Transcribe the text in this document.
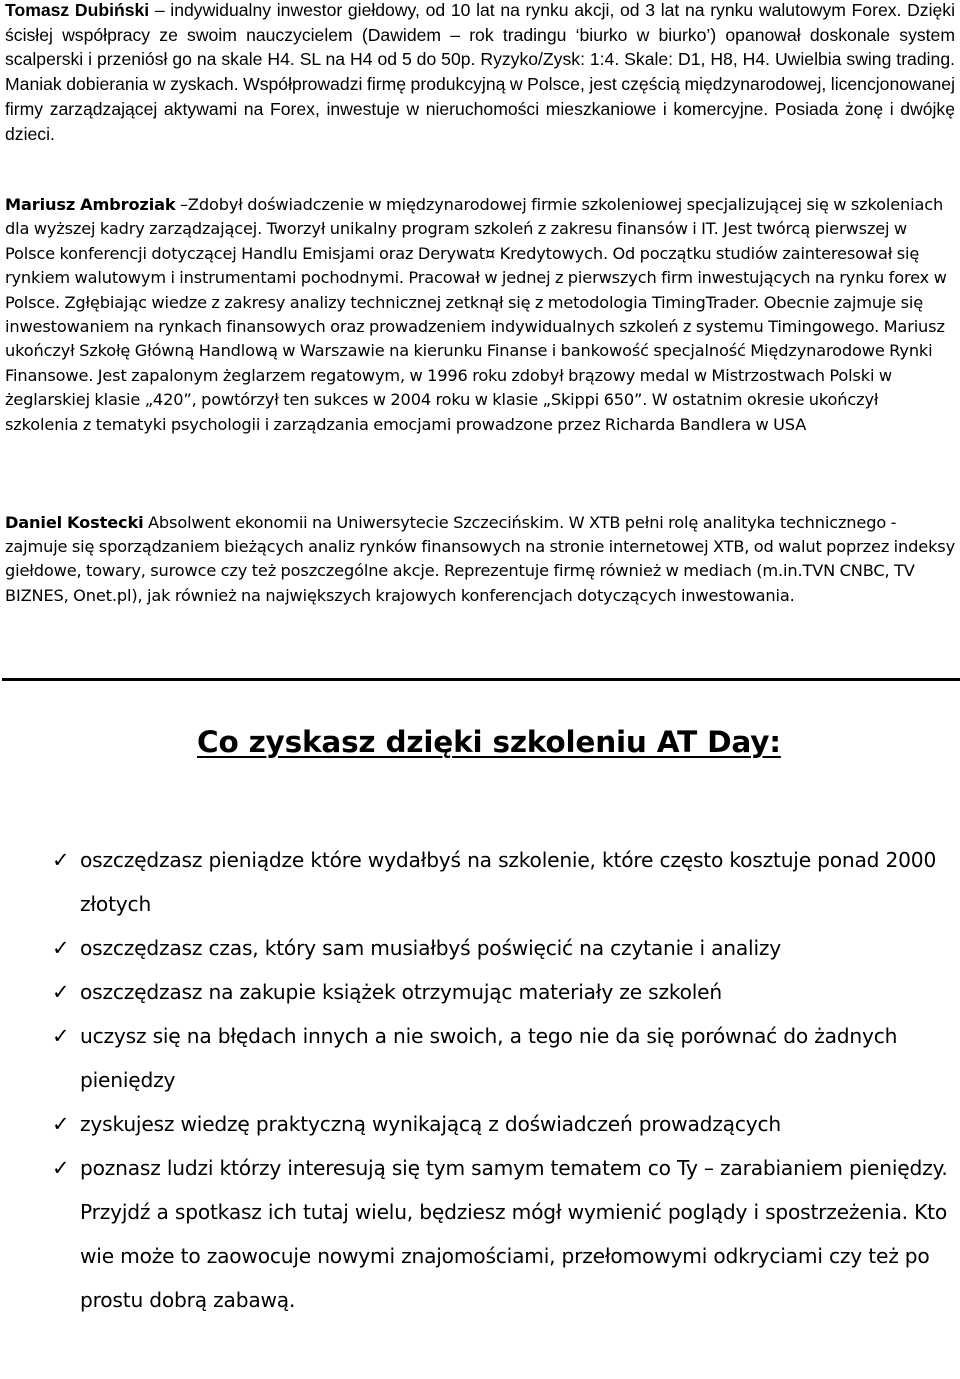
Tomasz Dubiński – indywidualny inwestor giełdowy, od 10 lat na rynku akcji, od 3 lat na rynku walutowym Forex. Dzięki ścisłej współpracy ze swoim nauczycielem (Dawidem – rok tradingu ‘biurko w biurko’) opanował doskonale system scalperski i przeniósł go na skale H4. SL na H4 od 5 do 50p. Ryzyko/Zysk: 1:4. Skale: D1, H8, H4. Uwielbia swing trading. Maniak dobierania w zyskach. Współprowadzi firmę produkcyjną w Polsce, jest częścią międzynarodowej, licencjonowanej firmy zarządzającej aktywami na Forex, inwestuje w nieruchomości mieszkaniowe i komercyjne. Posiada żonę i dwójkę dzieci.

Mariusz Ambroziak –Zdobył doświadczenie w międzynarodowej firmie szkoleniowej specjalizującej się w szkoleniach dla wyższej kadry zarządzającej. Tworzył unikalny program szkoleń z zakresu finansów i IT. Jest twórcą pierwszej w Polsce konferencji dotyczącej Handlu Emisjami oraz Derywat¤ Kredytowych. Od początku studiów zainteresował się rynkiem walutowym i instrumentami pochodnymi. Pracował w jednej z pierwszych firm inwestujących na rynku forex w Polsce. Zgłębiając wiedze z zakresy analizy technicznej zetknął się z metodologia TimingTrader. Obecnie zajmuje się inwestowaniem na rynkach finansowych oraz prowadzeniem indywidualnych szkoleń z systemu Timingowego. Mariusz ukończył Szkołę Główną Handlową w Warszawie na kierunku Finanse i bankowość specjalność Międzynarodowe Rynki Finansowe. Jest zapalonym żeglarzem regatowym, w 1996 roku zdobył brązowy medal w Mistrzostwach Polski w żeglarskiej klasie „420”, powtórzył ten sukces w 2004 roku w klasie „Skippi 650”. W ostatnim okresie ukończył szkolenia z tematyki psychologii i zarządzania emocjami prowadzone przez Richarda Bandlera w USA

Daniel Kostecki Absolwent ekonomii na Uniwersytecie Szczecińskim. W XTB pełni rolę analityka technicznego - zajmuje się sporządzaniem bieżących analiz rynków finansowych na stronie internetowej XTB, od walut poprzez indeksy giełdowe, towary, surowce czy też poszczególne akcje. Reprezentuje firmę również w mediach (m.in.TVN CNBC, TV BIZNES, Onet.pl), jak również na największych krajowych konferencjach dotyczących inwestowania.

Co zyskasz dzięki szkoleniu AT Day:
✓ oszczędzasz pieniądze które wydałbyś na szkolenie, które często kosztuje ponad 2000 złotych
✓ oszczędzasz czas, który sam musiałbyś poświęcić na czytanie i analizy
✓ oszczędzasz na zakupie książek otrzymując materiały ze szkoleń
✓ uczysz się na błędach innych a nie swoich, a tego nie da się porównać do żadnych pieniędzy
✓ zyskujesz wiedzę praktyczną wynikającą z doświadczeń prowadzących
✓ poznasz ludzi którzy interesują się tym samym tematem co Ty – zarabianiem pieniędzy. Przyjdź a spotkasz ich tutaj wielu, będziesz mógł wymienić poglądy i spostrzeżenia. Kto wie może to zaowocuje nowymi znajomościami, przełomowymi odkryciami czy też po prostu dobrą zabawą.
